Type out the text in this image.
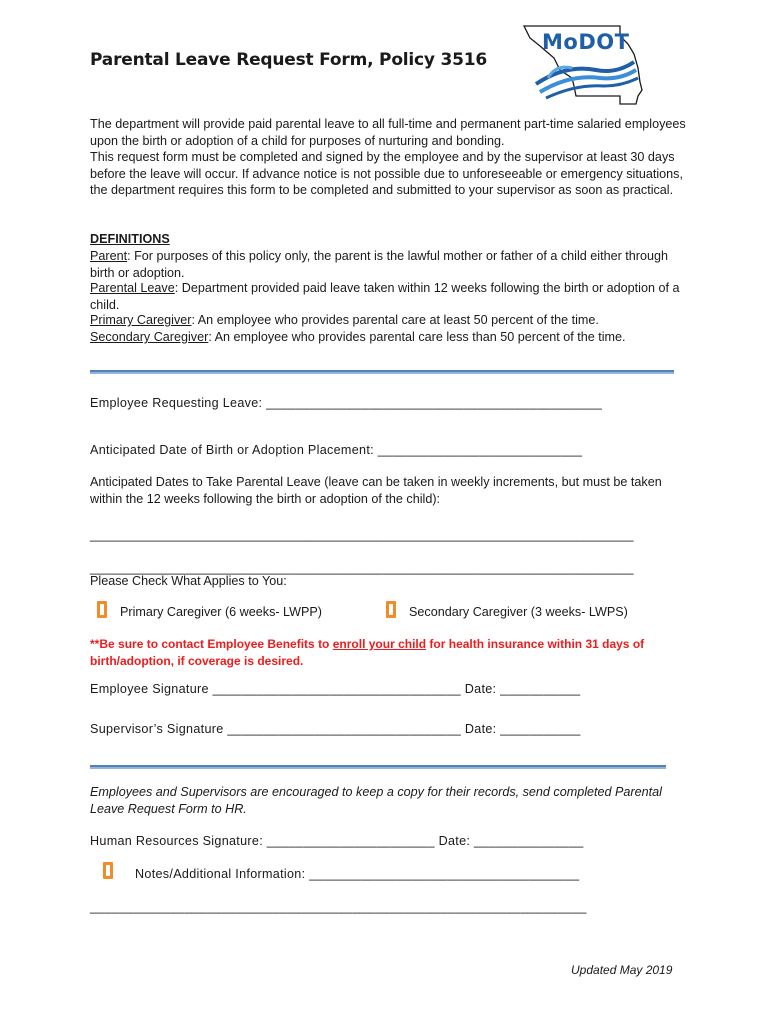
Parental Leave Request Form, Policy 3516
MoDOT
The department will provide paid parental leave to all full-time and permanent part-time salaried employees upon the birth or adoption of a child for purposes of nurturing and bonding.
This request form must be completed and signed by the employee and by the supervisor at least 30 days before the leave will occur. If advance notice is not possible due to unforeseeable or emergency situations, the department requires this form to be completed and submitted to your supervisor as soon as practical.
DEFINITIONS
Parent: For purposes of this policy only, the parent is the lawful mother or father of a child either through birth or adoption.
Parental Leave: Department provided paid leave taken within 12 weeks following the birth or adoption of a child.
Primary Caregiver: An employee who provides parental care at least 50 percent of the time.
Secondary Caregiver: An employee who provides parental care less than 50 percent of the time.
Employee Requesting Leave: ______________________________________________
Anticipated Date of Birth or Adoption Placement: ____________________________
Anticipated Dates to Take Parental Leave (leave can be taken in weekly increments, but must be taken within the 12 weeks following the birth or adoption of the child):
____________________________________________________________________________
____________________________________________________________________________
Please Check What Applies to You:
Primary Caregiver (6 weeks- LWPP)	Secondary Caregiver (3 weeks- LWPS)
**Be sure to contact Employee Benefits to enroll your child for health insurance within 31 days of birth/adoption, if coverage is desired.
Employee Signature __________________________________ Date: ___________
Supervisor’s Signature ________________________________ Date: ___________
Employees and Supervisors are encouraged to keep a copy for their records, send completed Parental Leave Request Form to HR.
Human Resources Signature: _______________________ Date: _______________
Notes/Additional Information: _____________________________________
____________________________________________________________________
Updated May 2019
